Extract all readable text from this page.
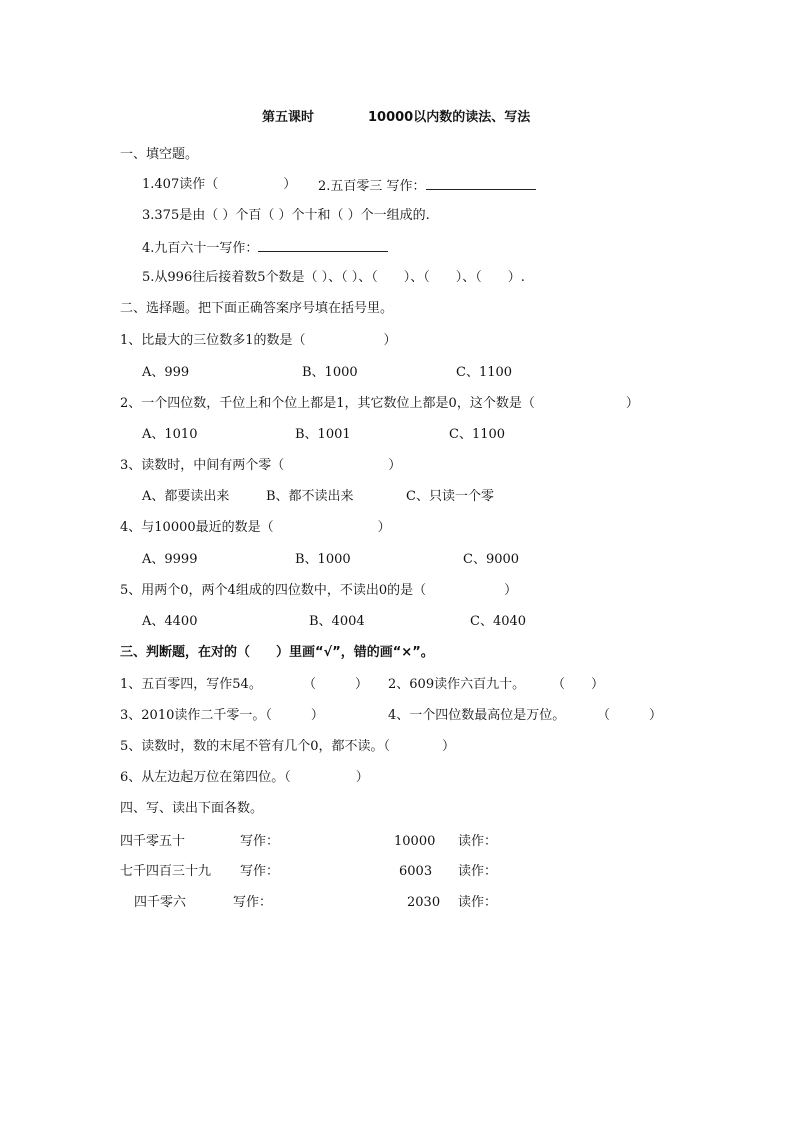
第五课时	10000以内数的读法、写法
一、填空题。
1.407读作（　　　　　） 2.五百零三 写作：
3.375是由（ ）个百（ ）个十和（ ）个一组成的.
4.九百六十一写作：
5.从996往后接着数5个数是（ ）、（ ）、（　　）、（　　）、（　　）.
二、选择题。把下面正确答案序号填在括号里。
1、比最大的三位数多1的数是（　　　　　　）
A、999	B、1000	C、1100
2、一个四位数，千位上和个位上都是1，其它数位上都是0，这个数是（　　　　　　　）
A、1010	B、1001	C、1100
3、读数时，中间有两个零（　　　　　　　　）
A、都要读出来	B、都不读出来	C、只读一个零
4、与10000最近的数是（　　　　　　　　）
A、9999	B、1000	C、9000
5、用两个0，两个4组成的四位数中，不读出0的是（　　　　　　）
A、4400	B、4004	C、4040
三、判断题，在对的（　　）里画“√”，错的画“×”。
1、五百零四，写作54。	（　　　） 2、609读作六百九十。 （　　）
3、2010读作二千零一。（　　　）	4、一个四位数最高位是万位。 （　　　）
5、读数时，数的末尾不管有几个0，都不读。（　　　　）
6、从左边起万位在第四位。（　　　　　）
四、写、读出下面各数。
四千零五十	写作：	10000 读作：
七千四百三十九 写作：	6003 读作：
四千零六	写作：	2030 读作：
